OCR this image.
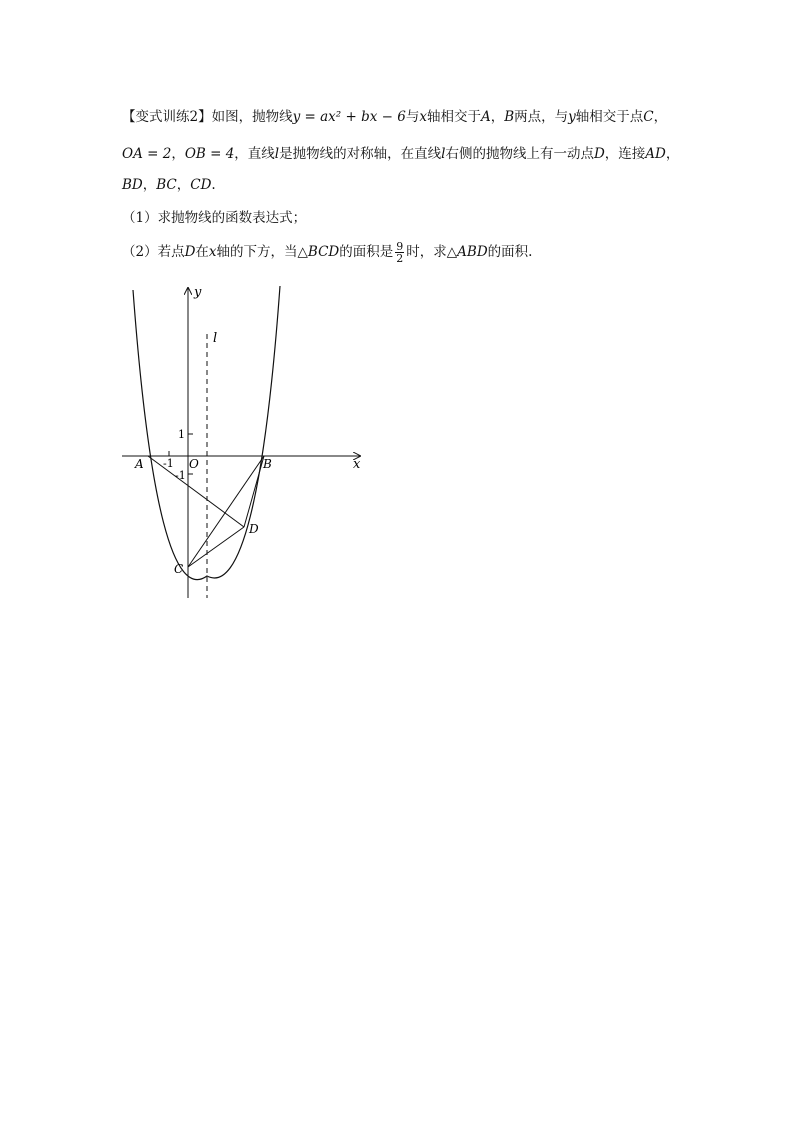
【变式训练2】如图，抛物线y = ax² + bx − 6与x轴相交于A，B两点，与y轴相交于点C，
OA = 2，OB = 4，直线l是抛物线的对称轴，在直线l右侧的抛物线上有一动点D，连接AD，
BD，BC，CD.
（1）求抛物线的函数表达式；
（2）若点D在x轴的下方，当△BCD的面积是 $\frac{9}{2}$ 时，求△ABD的面积.
x
y
O
l
-1
1
-1
A	B
C
D
